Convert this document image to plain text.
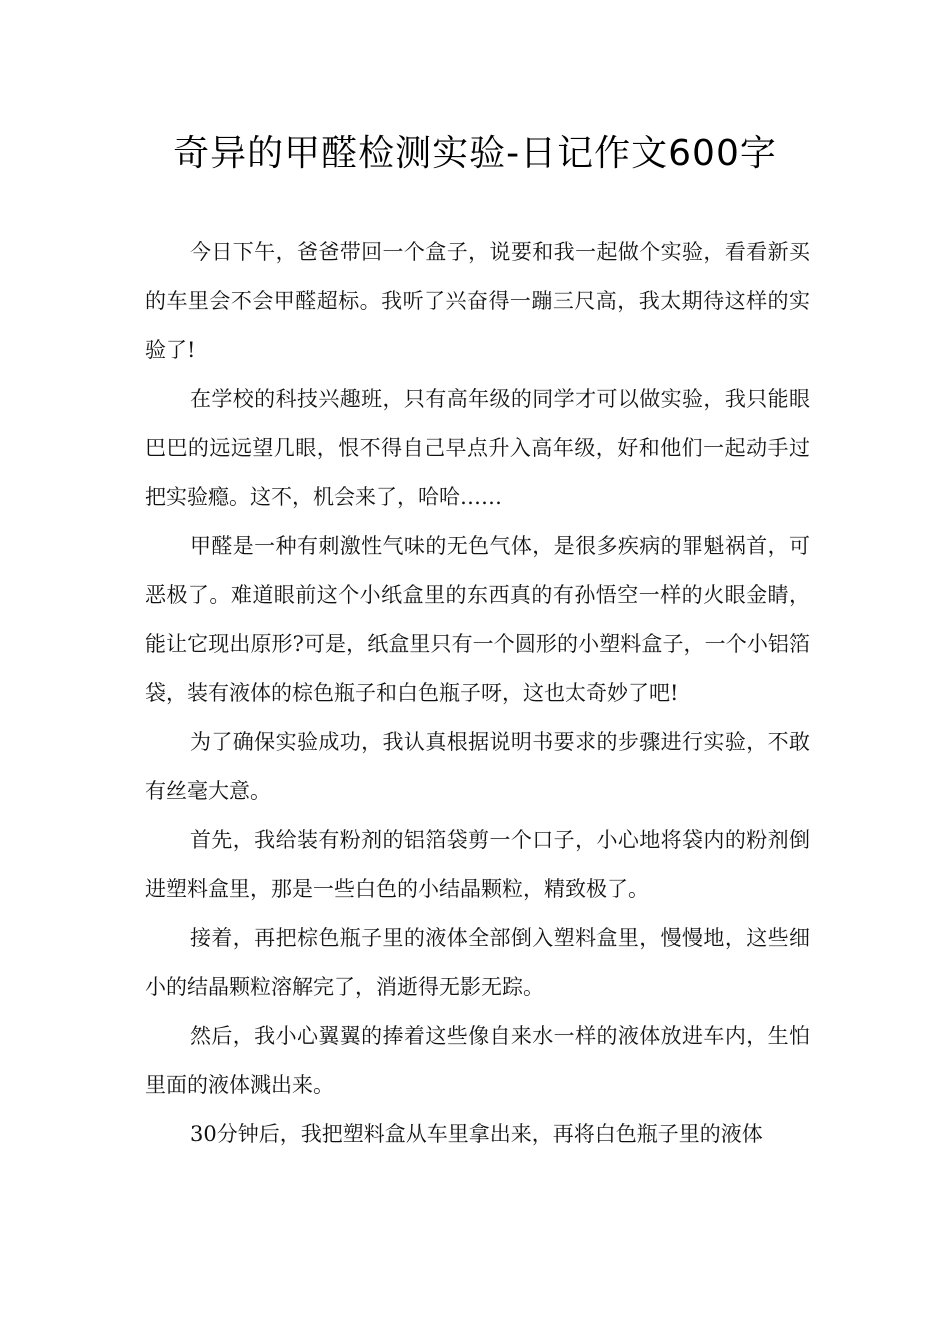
奇异的甲醛检测实验-日记作文600字

今日下午，爸爸带回一个盒子，说要和我一起做个实验，看看新买的车里会不会甲醛超标。我听了兴奋得一蹦三尺高，我太期待这样的实验了!

在学校的科技兴趣班，只有高年级的同学才可以做实验，我只能眼巴巴的远远望几眼，恨不得自己早点升入高年级，好和他们一起动手过把实验瘾。这不，机会来了，哈哈……

甲醛是一种有刺激性气味的无色气体，是很多疾病的罪魁祸首，可恶极了。难道眼前这个小纸盒里的东西真的有孙悟空一样的火眼金睛，能让它现出原形?可是，纸盒里只有一个圆形的小塑料盒子，一个小铝箔袋，装有液体的棕色瓶子和白色瓶子呀，这也太奇妙了吧!

为了确保实验成功，我认真根据说明书要求的步骤进行实验，不敢有丝毫大意。

首先，我给装有粉剂的铝箔袋剪一个口子，小心地将袋内的粉剂倒进塑料盒里，那是一些白色的小结晶颗粒，精致极了。

接着，再把棕色瓶子里的液体全部倒入塑料盒里，慢慢地，这些细小的结晶颗粒溶解完了，消逝得无影无踪。

然后，我小心翼翼的捧着这些像自来水一样的液体放进车内，生怕里面的液体溅出来。

30分钟后，我把塑料盒从车里拿出来，再将白色瓶子里的液体
